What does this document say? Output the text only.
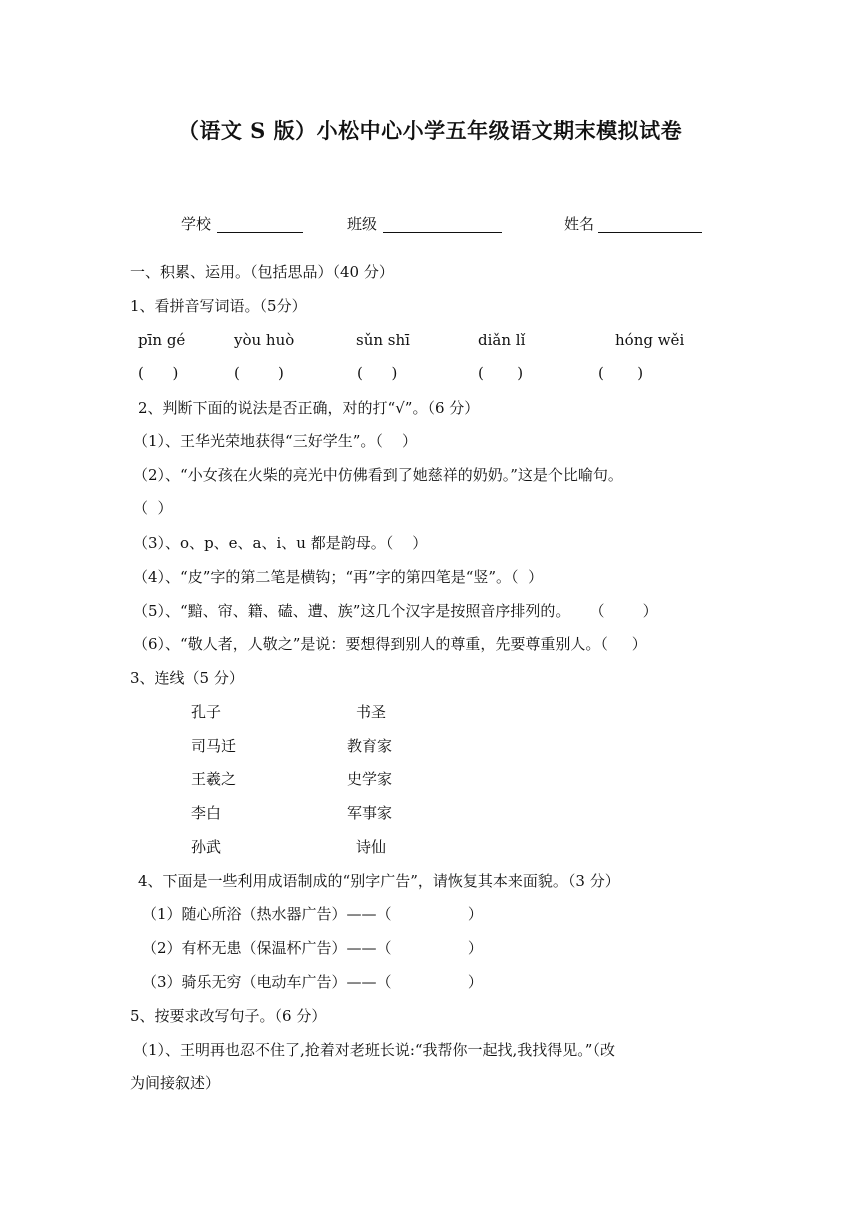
（语文 S 版）小松中心小学五年级语文期末模拟试卷
学校	班级	姓名
一、积累、运用。（包括思品）（40 分）
1、看拼音写词语。（5分）
pīn gé	yòu huò	sǔn shī	diǎn lǐ	hóng wěi
(      )	(        )	(      )	(       )	(       )
2、判断下面的说法是否正确，对的打“√”。（6 分）
（1）、王华光荣地获得“三好学生”。（    ）
（2）、“小女孩在火柴的亮光中仿佛看到了她慈祥的奶奶。”这是个比喻句。
（  ）
（3）、o、p、e、a、i、u 都是韵母。（    ）
（4）、“皮”字的第二笔是横钩；“再”字的第四笔是“竖”。（  ）
（5）、“黯、帘、籍、磕、遭、族”这几个汉字是按照音序排列的。    （        ）
（6）、“敬人者，人敬之”是说：要想得到别人的尊重，先要尊重别人。（     ）
3、连线（5 分）
孔子	书圣
司马迁	教育家
王羲之	史学家
李白	军事家
孙武	诗仙
4、下面是一些利用成语制成的“别字广告”，请恢复其本来面貌。（3 分）
（1）随心所浴（热水器广告）——（                ）
（2）有杯无患（保温杯广告）——（                ）
（3）骑乐无穷（电动车广告）——（                ）
5、按要求改写句子。（6 分）
（1）、王明再也忍不住了,抢着对老班长说:“我帮你一起找,我找得见。”（改
为间接叙述）
